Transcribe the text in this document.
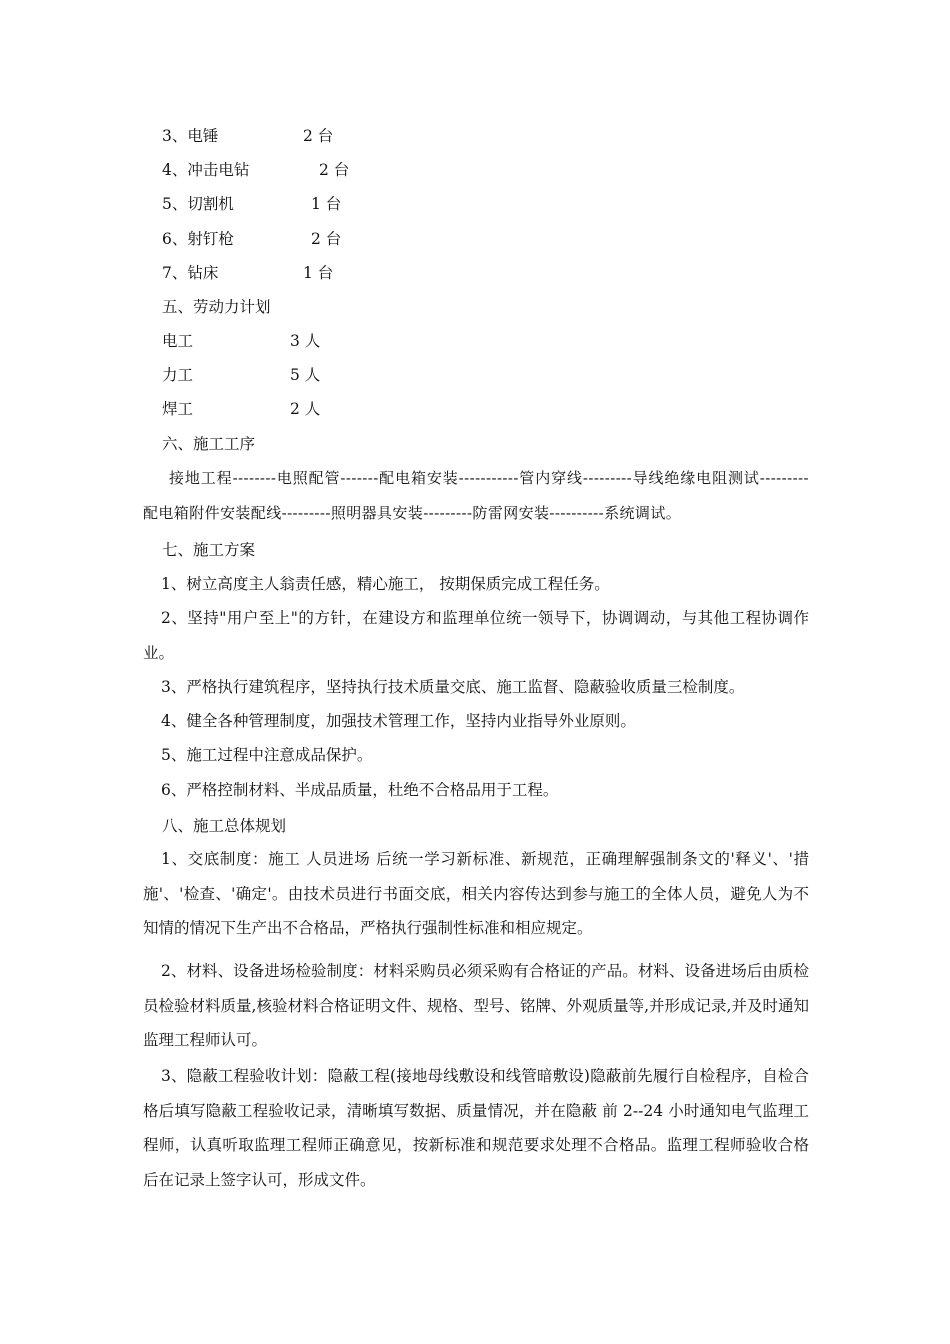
3、电锤	2 台
4、冲击电钻	2 台
5、切割机	1 台
6、射钉枪	2 台
7、钻床	1 台
五、劳动力计划
电工	3 人
力工	5 人
焊工	2 人
六、施工工序
接地工程--------电照配管-------配电箱安装-----------管内穿线---------导线绝缘电阻测试---------配电箱附件安装配线---------照明器具安装---------防雷网安装----------系统调试。
七、施工方案
1、树立高度主人翁责任感，精心施工， 按期保质完成工程任务。
2、坚持"用户至上"的方针，在建设方和监理单位统一领导下，协调调动，与其他工程协调作业。
3、严格执行建筑程序，坚持执行技术质量交底、施工监督、隐蔽验收质量三检制度。
4、健全各种管理制度，加强技术管理工作，坚持内业指导外业原则。
5、施工过程中注意成品保护。
6、严格控制材料、半成品质量，杜绝不合格品用于工程。
八、施工总体规划
1、交底制度：施工 人员进场 后统一学习新标准、新规范，正确理解强制条文的'释义'、'措施'、'检查、'确定'。由技术员进行书面交底，相关内容传达到参与施工的全体人员，避免人为不知情的情况下生产出不合格品，严格执行强制性标准和相应规定。
2、材料、设备进场检验制度：材料采购员必须采购有合格证的产品。材料、设备进场后由质检员检验材料质量,核验材料合格证明文件、规格、型号、铭牌、外观质量等,并形成记录,并及时通知监理工程师认可。
3、隐蔽工程验收计划：隐蔽工程(接地母线敷设和线管暗敷设)隐蔽前先履行自检程序，自检合格后填写隐蔽工程验收记录，清晰填写数据、质量情况，并在隐蔽 前 2--24 小时通知电气监理工程师，认真听取监理工程师正确意见，按新标准和规范要求处理不合格品。监理工程师验收合格后在记录上签字认可，形成文件。
